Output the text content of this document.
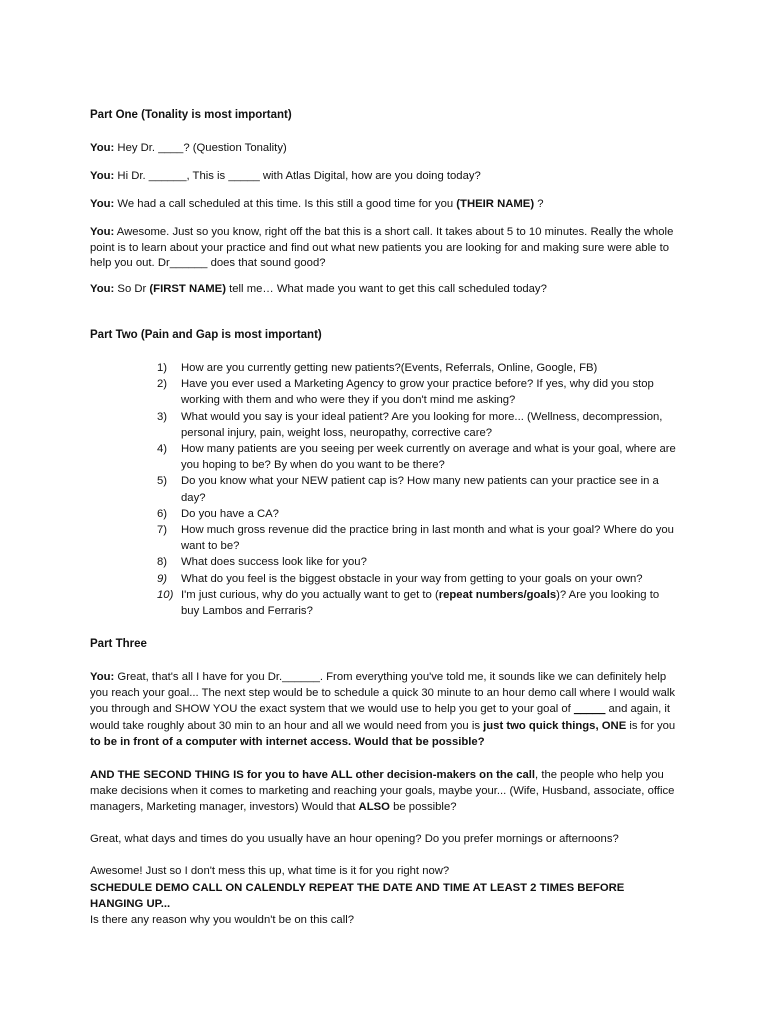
Part One (Tonality is most important)
You: Hey Dr. ____? (Question Tonality)
You: Hi Dr. ______, This is _____ with Atlas Digital, how are you doing today?
You: We had a call scheduled at this time. Is this still a good time for you (THEIR NAME) ?
You: Awesome. Just so you know, right off the bat this is a short call. It takes about 5 to 10 minutes. Really the whole point is to learn about your practice and find out what new patients you are looking for and making sure were able to help you out. Dr______ does that sound good?
You: So Dr (FIRST NAME) tell me… What made you want to get this call scheduled today?
Part Two (Pain and Gap is most important)
1) How are you currently getting new patients?(Events, Referrals, Online, Google, FB)
2) Have you ever used a Marketing Agency to grow your practice before? If yes, why did you stop working with them and who were they if you don't mind me asking?
3) What would you say is your ideal patient? Are you looking for more... (Wellness, decompression, personal injury, pain, weight loss, neuropathy, corrective care?
4) How many patients are you seeing per week currently on average and what is your goal, where are you hoping to be? By when do you want to be there?
5) Do you know what your NEW patient cap is? How many new patients can your practice see in a day?
6) Do you have a CA?
7) How much gross revenue did the practice bring in last month and what is your goal? Where do you want to be?
8) What does success look like for you?
9) What do you feel is the biggest obstacle in your way from getting to your goals on your own?
10) I'm just curious, why do you actually want to get to (repeat numbers/goals)? Are you looking to buy Lambos and Ferraris?
Part Three
You: Great, that's all I have for you Dr.______. From everything you've told me, it sounds like we can definitely help you reach your goal... The next step would be to schedule a quick 30 minute to an hour demo call where I would walk you through and SHOW YOU the exact system that we would use to help you get to your goal of _____ and again, it would take roughly about 30 min to an hour and all we would need from you is just two quick things, ONE is for you to be in front of a computer with internet access. Would that be possible?
AND THE SECOND THING IS for you to have ALL other decision-makers on the call, the people who help you make decisions when it comes to marketing and reaching your goals, maybe your... (Wife, Husband, associate, office managers, Marketing manager, investors) Would that ALSO be possible?
Great, what days and times do you usually have an hour opening? Do you prefer mornings or afternoons?
Awesome! Just so I don't mess this up, what time is it for you right now?
SCHEDULE DEMO CALL ON CALENDLY REPEAT THE DATE AND TIME AT LEAST 2 TIMES BEFORE HANGING UP...
Is there any reason why you wouldn't be on this call?
